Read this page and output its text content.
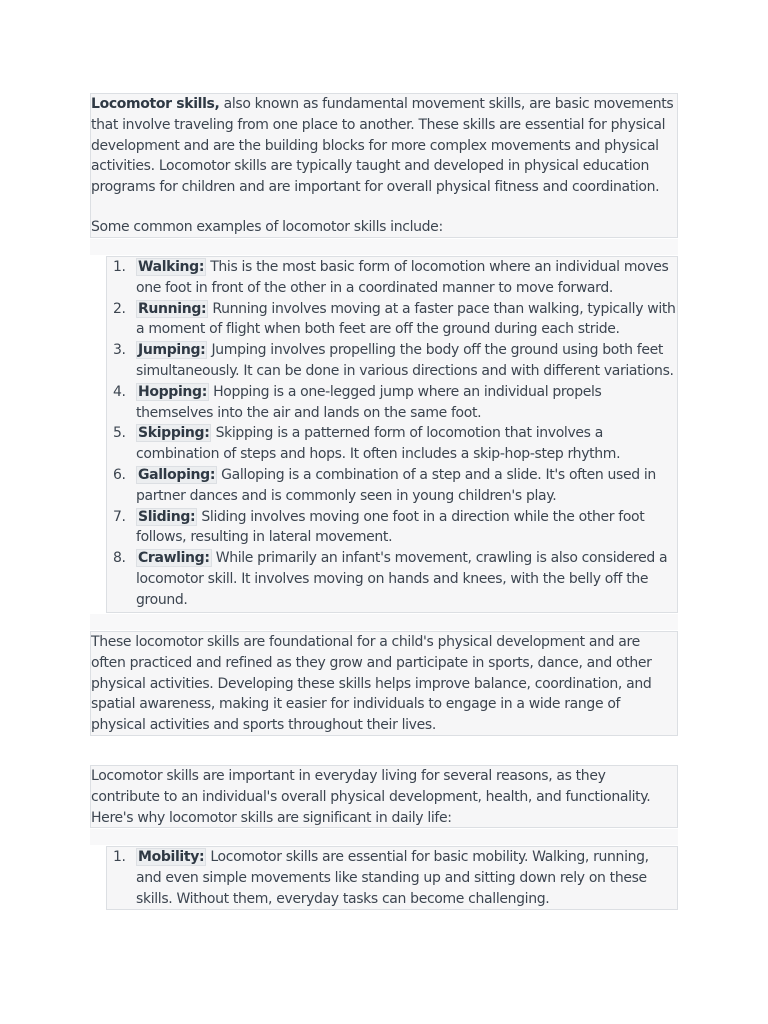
Locomotor skills, also known as fundamental movement skills, are basic movements that involve traveling from one place to another. These skills are essential for physical development and are the building blocks for more complex movements and physical activities. Locomotor skills are typically taught and developed in physical education programs for children and are important for overall physical fitness and coordination.

Some common examples of locomotor skills include:

1. Walking: This is the most basic form of locomotion where an individual moves one foot in front of the other in a coordinated manner to move forward.
2. Running: Running involves moving at a faster pace than walking, typically with a moment of flight when both feet are off the ground during each stride.
3. Jumping: Jumping involves propelling the body off the ground using both feet simultaneously. It can be done in various directions and with different variations.
4. Hopping: Hopping is a one-legged jump where an individual propels themselves into the air and lands on the same foot.
5. Skipping: Skipping is a patterned form of locomotion that involves a combination of steps and hops. It often includes a skip-hop-step rhythm.
6. Galloping: Galloping is a combination of a step and a slide. It's often used in partner dances and is commonly seen in young children's play.
7. Sliding: Sliding involves moving one foot in a direction while the other foot follows, resulting in lateral movement.
8. Crawling: While primarily an infant's movement, crawling is also considered a locomotor skill. It involves moving on hands and knees, with the belly off the ground.

These locomotor skills are foundational for a child's physical development and are often practiced and refined as they grow and participate in sports, dance, and other physical activities. Developing these skills helps improve balance, coordination, and spatial awareness, making it easier for individuals to engage in a wide range of physical activities and sports throughout their lives.

Locomotor skills are important in everyday living for several reasons, as they contribute to an individual's overall physical development, health, and functionality. Here's why locomotor skills are significant in daily life:

1. Mobility: Locomotor skills are essential for basic mobility. Walking, running, and even simple movements like standing up and sitting down rely on these skills. Without them, everyday tasks can become challenging.
